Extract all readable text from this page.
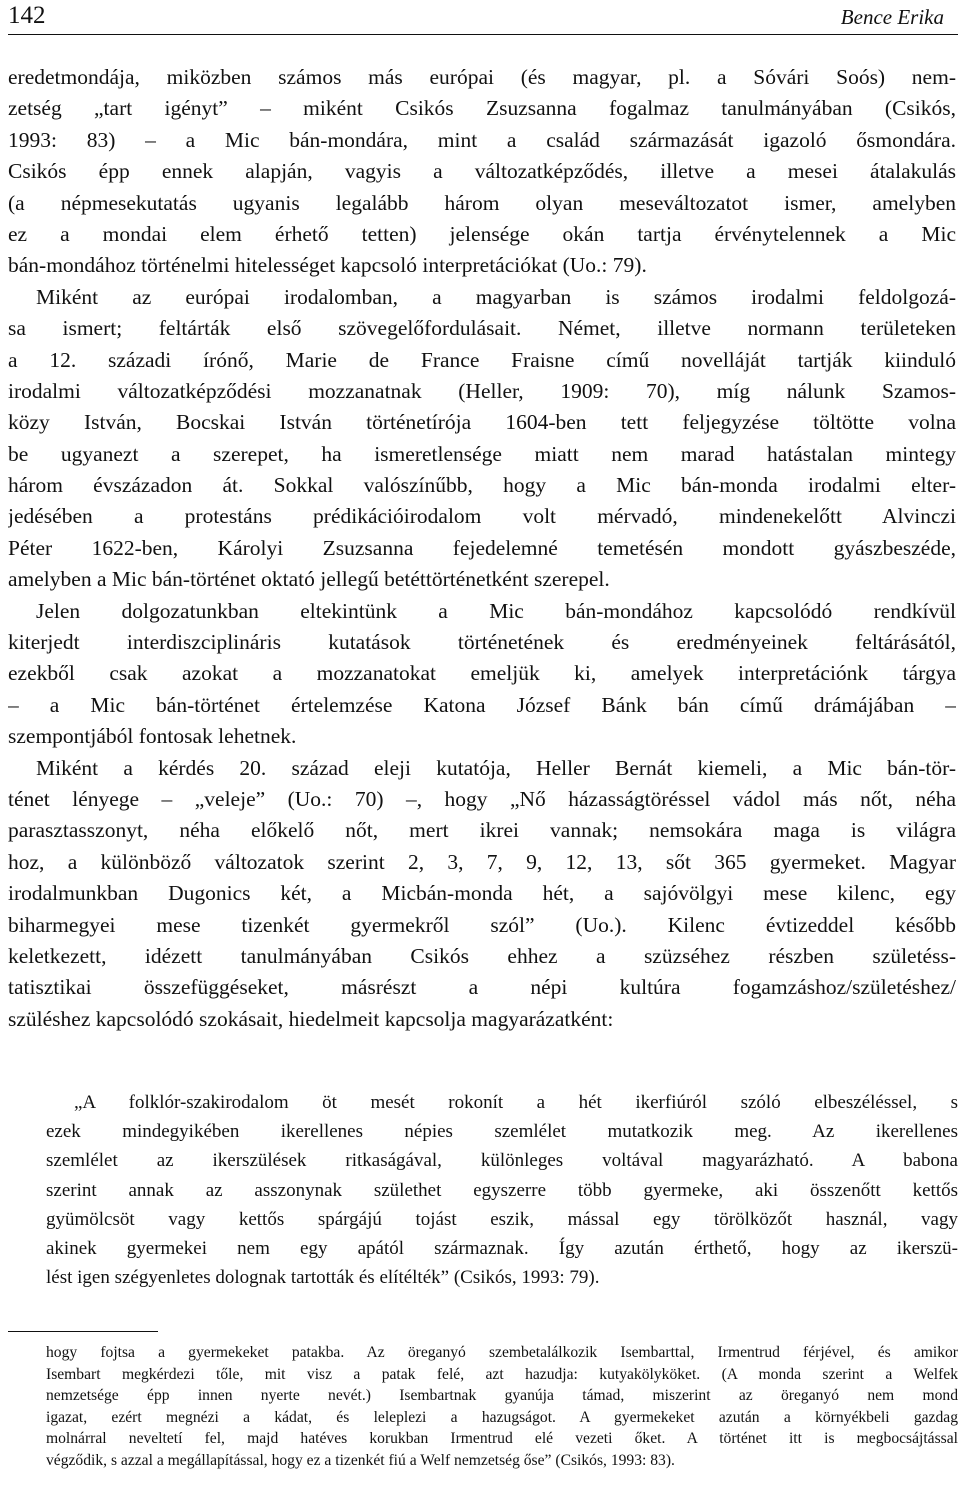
142	Bence Erika
eredetmondája, miközben számos más európai (és magyar, pl. a Sóvári Soós) nem-
zetség „tart igényt” – miként Csikós Zsuzsanna fogalmaz tanulmányában (Csikós,
1993: 83) – a Mic bán-mondára, mint a család származását igazoló ősmondára.
Csikós épp ennek alapján, vagyis a változatképződés, illetve a mesei átalakulás
(a népmesekutatás ugyanis legalább három olyan meseváltozatot ismer, amelyben
ez a mondai elem érhető tetten) jelensége okán tartja érvénytelennek a Mic
bán-mondához történelmi hitelességet kapcsoló interpretációkat (Uo.: 79).
Miként az európai irodalomban, a magyarban is számos irodalmi feldolgozá-
sa ismert; feltárták első szövegelőfordulásait. Német, illetve normann területeken
a 12. századi írónő, Marie de France Fraisne című novelláját tartják kiinduló
irodalmi változatképződési mozzanatnak (Heller, 1909: 70), míg nálunk Szamos-
közy István, Bocskai István történetírója 1604-ben tett feljegyzése töltötte volna
be ugyanezt a szerepet, ha ismeretlensége miatt nem marad hatástalan mintegy
három évszázadon át. Sokkal valószínűbb, hogy a Mic bán-monda irodalmi elter-
jedésében a protestáns prédikációirodalom volt mérvadó, mindenekelőtt Alvinczi
Péter 1622-ben, Károlyi Zsuzsanna fejedelemné temetésén mondott gyászbeszéde,
amelyben a Mic bán-történet oktató jellegű betéttörténetként szerepel.
Jelen dolgozatunkban eltekintünk a Mic bán-mondához kapcsolódó rendkívül
kiterjedt interdiszciplináris kutatások történetének és eredményeinek feltárásától,
ezekből csak azokat a mozzanatokat emeljük ki, amelyek interpretációnk tárgya
– a Mic bán-történet értelemzése Katona József Bánk bán című drámájában –
szempontjából fontosak lehetnek.
Miként a kérdés 20. század eleji kutatója, Heller Bernát kiemeli, a Mic bán-tör-
ténet lényege – „veleje” (Uo.: 70) –, hogy „Nő házasságtöréssel vádol más nőt, néha
parasztasszonyt, néha előkelő nőt, mert ikrei vannak; nemsokára maga is világra
hoz, a különböző változatok szerint 2, 3, 7, 9, 12, 13, sőt 365 gyermeket. Magyar
irodalmunkban Dugonics két, a Micbán-monda hét, a sajóvölgyi mese kilenc, egy
biharmegyei mese tizenkét gyermekről szól” (Uo.). Kilenc évtizeddel később
keletkezett, idézett tanulmányában Csikós ehhez a szüzséhez részben születéss-
tatisztikai összefüggéseket, másrészt a népi kultúra fogamzáshoz/születéshez/
szüléshez kapcsolódó szokásait, hiedelmeit kapcsolja magyarázatként:
„A folklór-szakirodalom öt mesét rokonít a hét ikerfiúról szóló elbeszéléssel, s
ezek mindegyikében ikerellenes népies szemlélet mutatkozik meg. Az ikerellenes
szemlélet az ikerszülések ritkaságával, különleges voltával magyarázható. A babona
szerint annak az asszonynak születhet egyszerre több gyermeke, aki összenőtt kettős
gyümölcsöt vagy kettős spárgájú tojást eszik, mással egy törölközőt használ, vagy
akinek gyermekei nem egy apától származnak. Így azután érthető, hogy az ikerszü-
lést igen szégyenletes dolognak tartották és elítélték” (Csikós, 1993: 79).
hogy fojtsa a gyermekeket patakba. Az öreganyó szembetalálkozik Isembarttal, Irmentrud férjével, és amikor
Isembart megkérdezi tőle, mit visz a patak felé, azt hazudja: kutyakölyköket. (A monda szerint a Welfek
nemzetsége épp innen nyerte nevét.) Isembartnak gyanúja támad, miszerint az öreganyó nem mond
igazat, ezért megnézi a kádat, és leleplezi a hazugságot. A gyermekeket azután a környékbeli gazdag
molnárral neveltetí fel, majd hatéves korukban Irmentrud elé vezeti őket. A történet itt is megbocsájtással
végződik, s azzal a megállapítással, hogy ez a tizenkét fiú a Welf nemzetség őse” (Csikós, 1993: 83).
